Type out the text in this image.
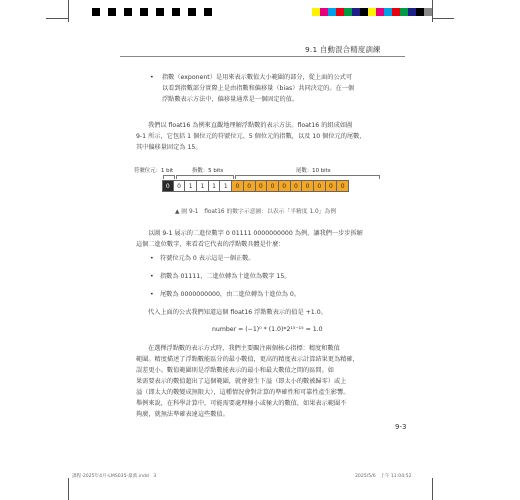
9.1 自動混合精度訓練
• 指數（exponent）是用來表示數值大小範圍的部分，從上面的公式可
以看到指數部分實際上是由指數和偏移量（bias）共同決定的。在一個
浮點數表示方法中，偏移量通常是一個固定的值。
我們以 float16 為例來直觀地理解浮點數的表示方法。float16 的組成如圖
9-1 所示，它包括 1 個位元的符號位元、5 個位元的指數，以及 10 個位元的尾數，
其中偏移量固定為 15。
符號位元：1 bit	指數：5 bits	尾數：10 bits
0	0	1	1	1	1	0	0	0	0	0	0	0	0	0	0
▲ 圖 9-1　float16 的數字示意圖：以表示「半精度 1.0」為例
以圖 9-1 展示的二進位數字 0 01111 0000000000 為例，讓我們一步步拆解
這個二進位數字，來看看它代表的浮點數具體是什麼：
• 符號位元為 0 表示這是一個正數。
• 指數為 01111，二進位轉為十進位為數字 15。
• 尾數為 0000000000，由二進位轉為十進位為 0。
代入上面的公式我們知道這個 float16 浮點數表示的值是 +1.0。
number = (−1)⁰ * (1.0)*2¹⁵⁻¹⁵ = 1.0
在選擇浮點數的表示方式時，我們主要關注兩個核心指標：精度和數值
範圍。精度描述了浮點數能區分的最小數值，更高的精度表示計算結果更為精確，
誤差更小。數值範圍則是浮點數能表示的最小和最大數值之間的區間。如
果需要表示的數值超出了這個範圍，就會發生下溢（即太小的數被歸零）或上
溢（即太大的數變成無限大），這種情況會對計算的準確性和可靠性產生影響。
舉例來說，在科學計算中，可能需要處理極小或極大的數值，如果表示範圍不
夠廣，就無法準確表達這些數值。
9-3
課程-2025年4月-LMS035-最新.indd　3	2025/5/6　上午 11:04:52
